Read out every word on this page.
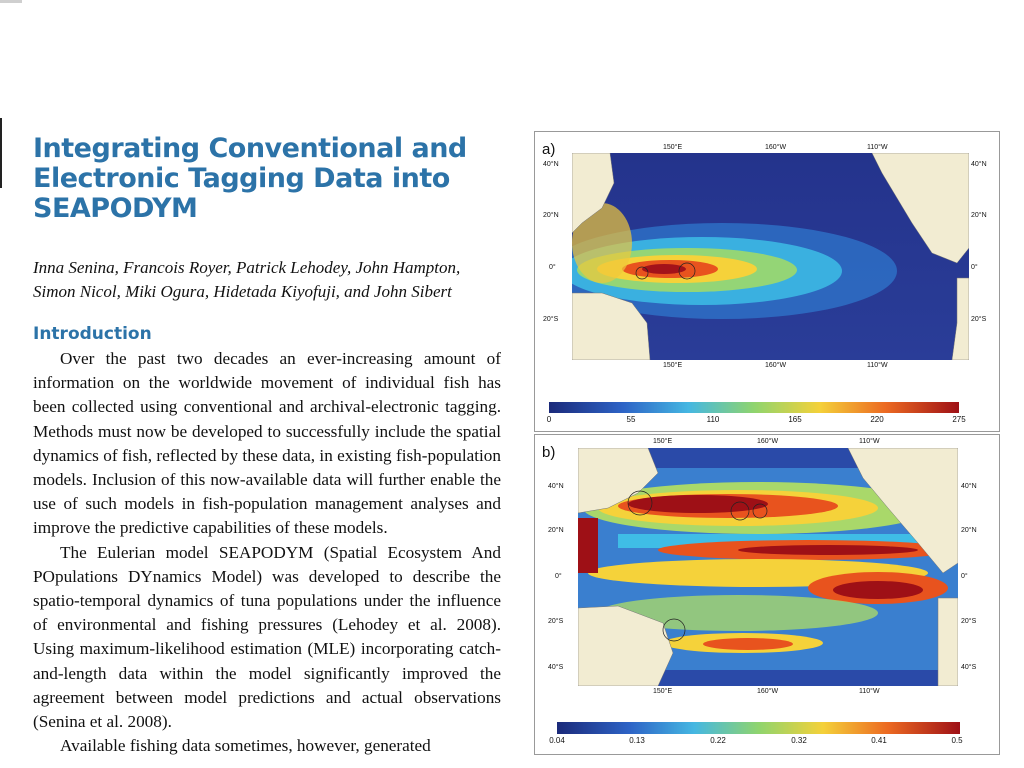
Integrating Conventional and Electronic Tagging Data into SEAPODYM

Inna Senina, Francois Royer, Patrick Lehodey, John Hampton, Simon Nicol, Miki Ogura, Hidetada Kiyofuji, and John Sibert

Introduction

Over the past two decades an ever-increasing amount of information on the worldwide movement of individual fish has been collected using conventional and archival-electronic tagging. Methods must now be developed to successfully include the spatial dynamics of fish, reflected by these data, in existing fish-population models. Inclusion of this now-available data will further enable the use of such models in fish-population management analyses and improve the predictive capabilities of these models.

The Eulerian model SEAPODYM (Spatial Ecosystem And POpulations DYnamics Model) was developed to describe the spatio-temporal dynamics of tuna populations under the influence of environmental and fishing pressures (Lehodey et al. 2008). Using maximum-likelihood estimation (MLE) incorporating catch-and-length data within the model significantly improved the agreement between model predictions and actual observations (Senina et al. 2008).

Available fishing data sometimes, however, generated

a)	150°E	160°W	110°W
40°N
20°N
0°
20°S
40°N
20°N
0°
20°S
150°E	160°W	110°W
0	55	110	165	220	275
b)
150°E	160°W	110°W
40°N
20°N
0°
20°S
40°S
40°N
20°N
0°
20°S
40°S
150°E	160°W	110°W
0.04	0.13	0.22	0.32	0.41	0.5
